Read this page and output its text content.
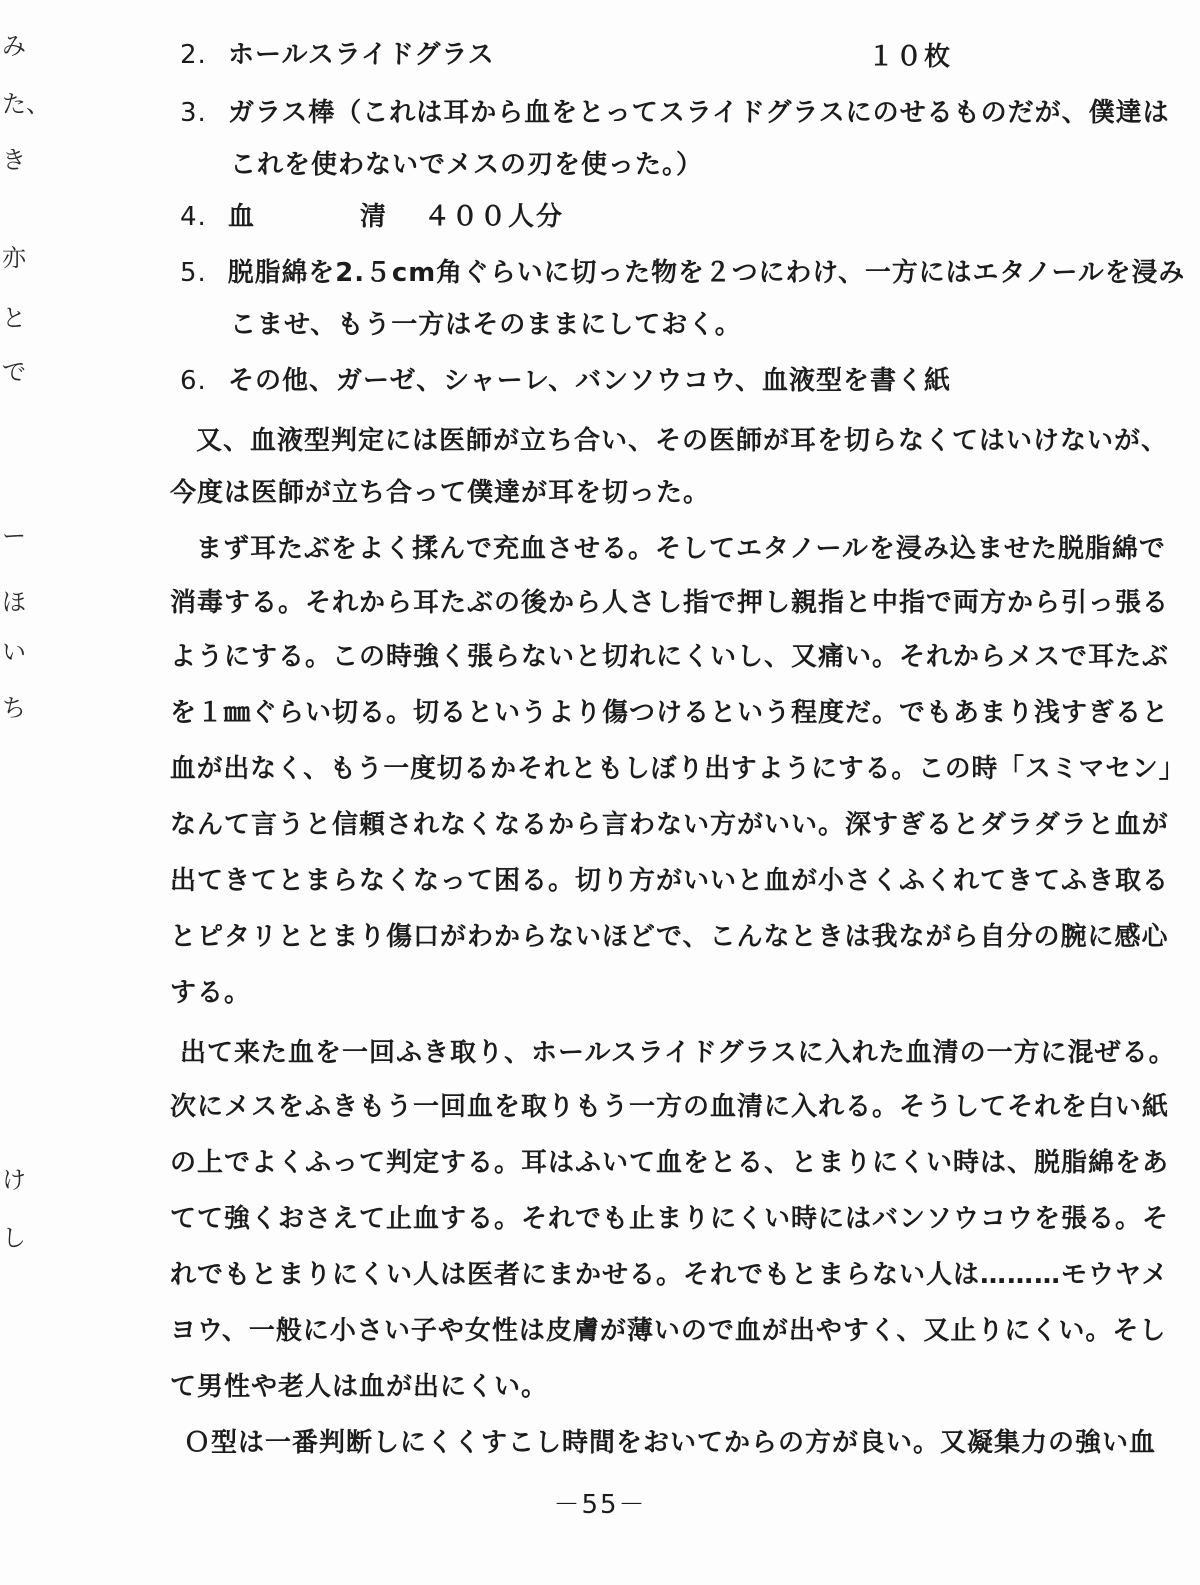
み
た、
き
亦
と
で
ー
ほ
い
ち
け
し
2. ホールスライドグラス	１０枚
3. ガラス棒（これは耳から血をとってスライドグラスにのせるものだが、僕達は
これを使わないでメスの刃を使った。）
4. 血　清
４００人分
5. 脱脂綿を2.５cm角ぐらいに切った物を２つにわけ、一方にはエタノールを浸み
こませ、もう一方はそのままにしておく。
6. その他、ガーゼ、シャーレ、バンソウコウ、血液型を書く紙
又、血液型判定には医師が立ち合い、その医師が耳を切らなくてはいけないが、
今度は医師が立ち合って僕達が耳を切った。
まず耳たぶをよく揉んで充血させる。そしてエタノールを浸み込ませた脱脂綿で
消毒する。それから耳たぶの後から人さし指で押し親指と中指で両方から引っ張る
ようにする。この時強く張らないと切れにくいし、又痛い。それからメスで耳たぶ
を１㎜ぐらい切る。切るというより傷つけるという程度だ。でもあまり浅すぎると
血が出なく、もう一度切るかそれともしぼり出すようにする。この時「スミマセン」
なんて言うと信頼されなくなるから言わない方がいい。深すぎるとダラダラと血が
出てきてとまらなくなって困る。切り方がいいと血が小さくふくれてきてふき取る
とピタリととまり傷口がわからないほどで、こんなときは我ながら自分の腕に感心
する。
出て来た血を一回ふき取り、ホールスライドグラスに入れた血清の一方に混ぜる。
次にメスをふきもう一回血を取りもう一方の血清に入れる。そうしてそれを白い紙
の上でよくふって判定する。耳はふいて血をとる、とまりにくい時は、脱脂綿をあ
てて強くおさえて止血する。それでも止まりにくい時にはバンソウコウを張る。そ
れでもとまりにくい人は医者にまかせる。それでもとまらない人は………モウヤメ
ヨウ、一般に小さい子や女性は皮膚が薄いので血が出やすく、又止りにくい。そし
て男性や老人は血が出にくい。
Ｏ型は一番判断しにくくすこし時間をおいてからの方が良い。又凝集力の強い血
－55－
